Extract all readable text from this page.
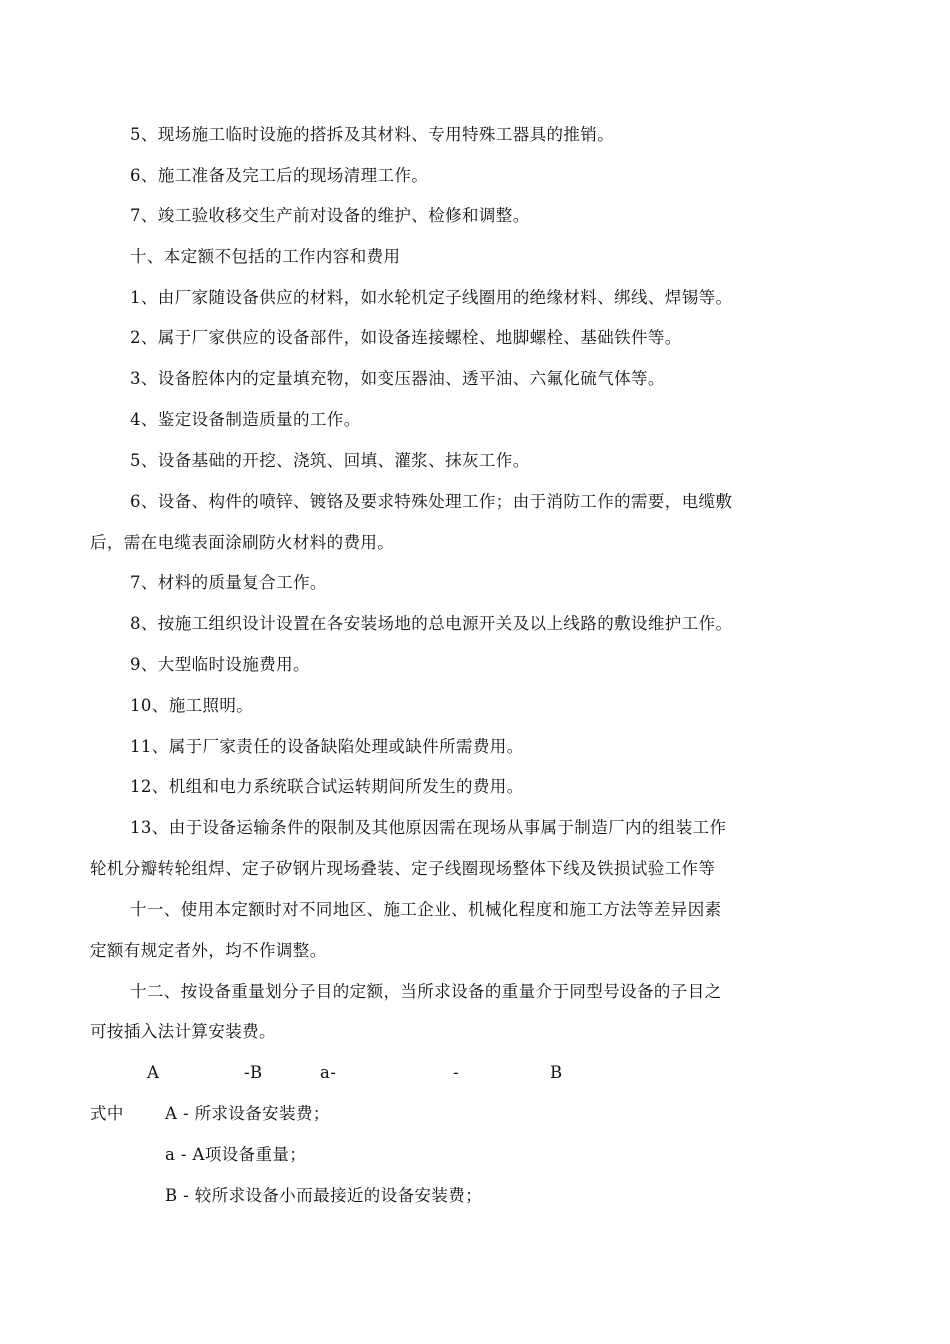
5、现场施工临时设施的搭拆及其材料、专用特殊工器具的推销。
6、施工准备及完工后的现场清理工作。
7、竣工验收移交生产前对设备的维护、检修和调整。
十、本定额不包括的工作内容和费用
1、由厂家随设备供应的材料，如水轮机定子线圈用的绝缘材料、绑线、焊锡等。
2、属于厂家供应的设备部件，如设备连接螺栓、地脚螺栓、基础铁件等。
3、设备腔体内的定量填充物，如变压器油、透平油、六氟化硫气体等。
4、鉴定设备制造质量的工作。
5、设备基础的开挖、浇筑、回填、灌浆、抹灰工作。
6、设备、构件的喷锌、镀铬及要求特殊处理工作；由于消防工作的需要，电缆敷
后，需在电缆表面涂刷防火材料的费用。
7、材料的质量复合工作。
8、按施工组织设计设置在各安装场地的总电源开关及以上线路的敷设维护工作。
9、大型临时设施费用。
10、施工照明。
11、属于厂家责任的设备缺陷处理或缺件所需费用。
12、机组和电力系统联合试运转期间所发生的费用。
13、由于设备运输条件的限制及其他原因需在现场从事属于制造厂内的组装工作
轮机分瓣转轮组焊、定子矽钢片现场叠装、定子线圈现场整体下线及铁损试验工作等
十一、使用本定额时对不同地区、施工企业、机械化程度和施工方法等差异因素
定额有规定者外，均不作调整。
十二、按设备重量划分子目的定额，当所求设备的重量介于同型号设备的子目之
可按插入法计算安装费。
A	-B	a-	-	B
式中 A - 所求设备安装费；
a - A项设备重量；
B - 较所求设备小而最接近的设备安装费；
